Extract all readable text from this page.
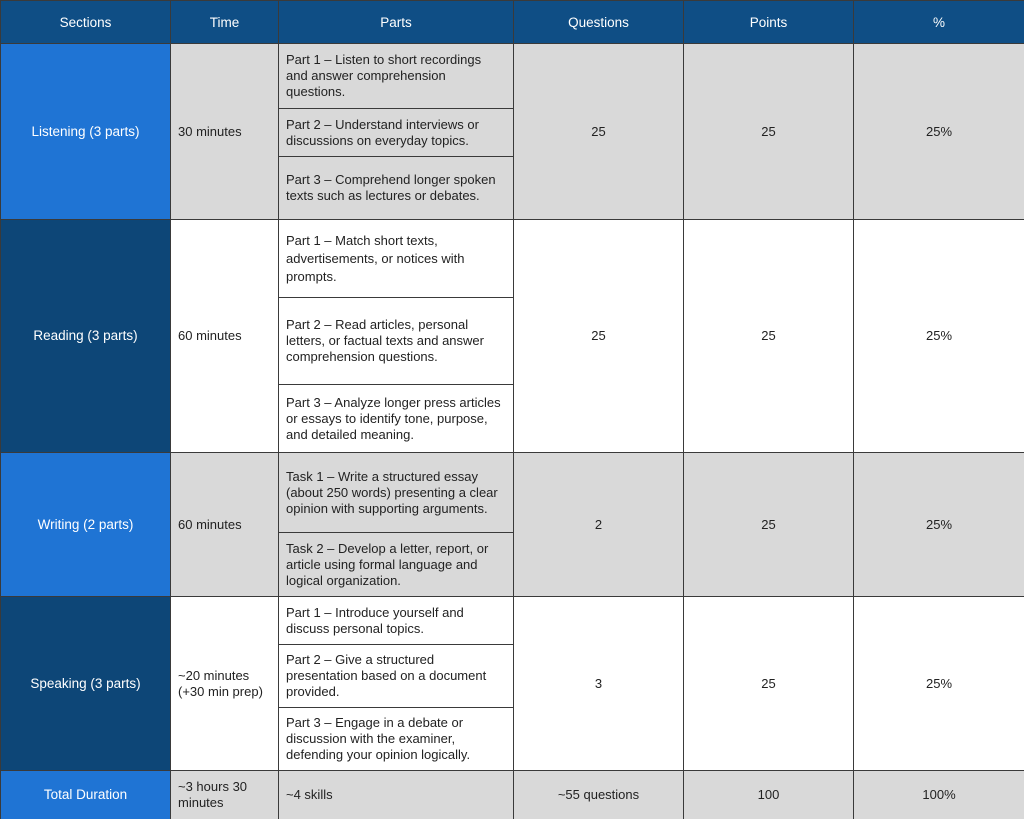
Sections	Time	Parts	Questions	Points	%
Listening (3 parts)	30 minutes	Part 1 – Listen to short recordings and answer comprehension questions.	25	25	25%
		Part 2 – Understand interviews or discussions on everyday topics.			
		Part 3 – Comprehend longer spoken texts such as lectures or debates.			
Reading (3 parts)	60 minutes	Part 1 – Match short texts, advertisements, or notices with prompts.	25	25	25%
		Part 2 – Read articles, personal letters, or factual texts and answer comprehension questions.			
		Part 3 – Analyze longer press articles or essays to identify tone, purpose, and detailed meaning.			
Writing (2 parts)	60 minutes	Task 1 – Write a structured essay (about 250 words) presenting a clear opinion with supporting arguments.	2	25	25%
		Task 2 – Develop a letter, report, or article using formal language and logical organization.			
Speaking (3 parts)	~20 minutes (+30 min prep)	Part 1 – Introduce yourself and discuss personal topics.	3	25	25%
		Part 2 – Give a structured presentation based on a document provided.			
		Part 3 – Engage in a debate or discussion with the examiner, defending your opinion logically.			
Total Duration	~3 hours 30 minutes	~4 skills	~55 questions	100	100%
